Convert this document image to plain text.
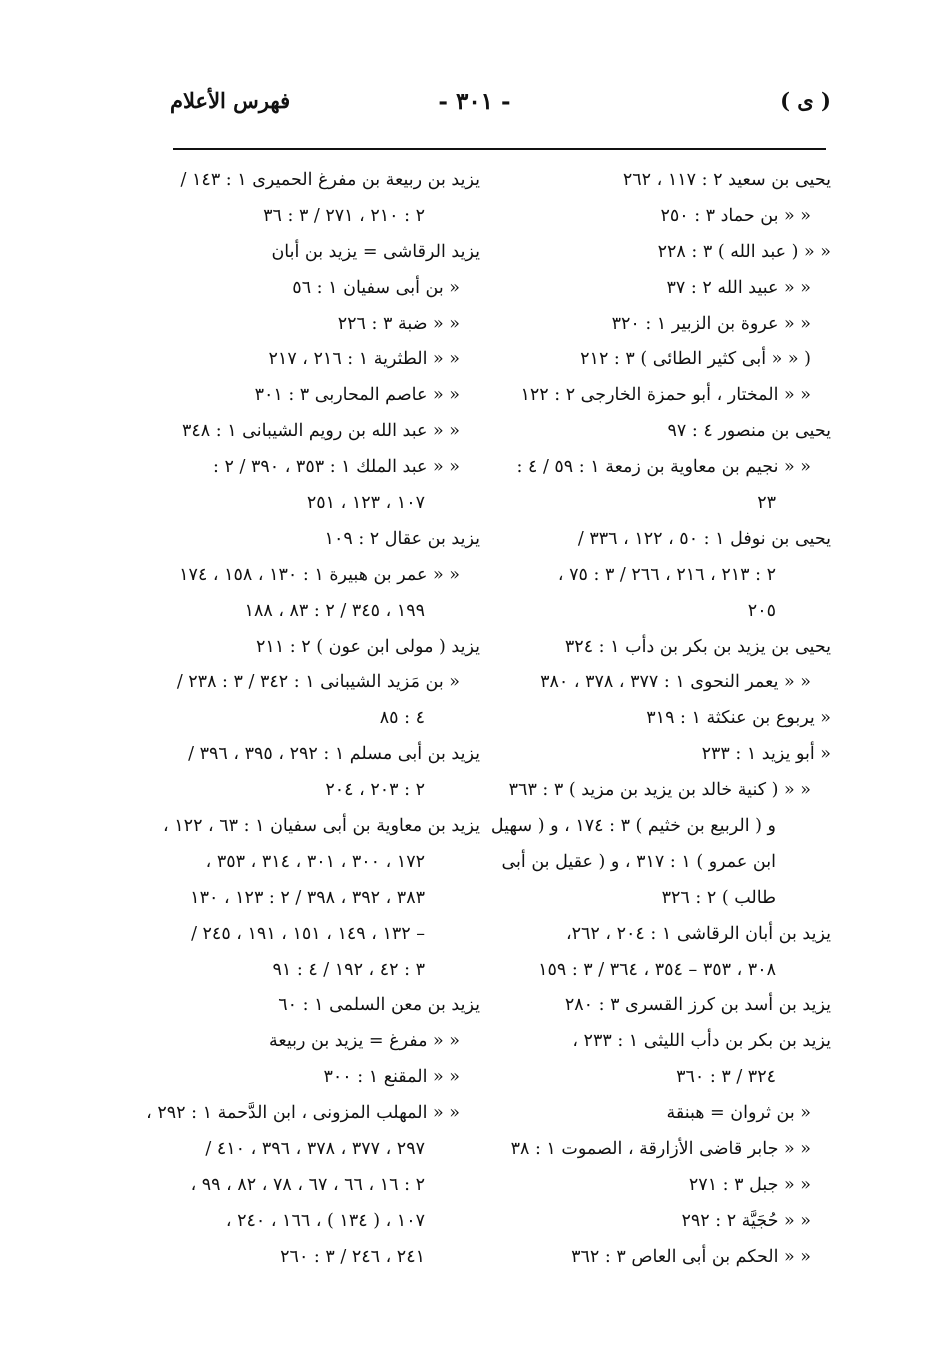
( ى )
- ٣٠١ -
فهرس الأعلام
يحيى بن سعيد ٢ : ١١٧ ، ٢٦٢
« « بن حماد ٣ : ٢٥٠
« « ( عبد الله ) ٣ : ٢٢٨
« « عبيد الله ٢ : ٣٧
« « عروة بن الزبير ١ : ٣٢٠
( « « أبى كثير الطائى ) ٣ : ٢١٢
« « المختار ، أبو حمزة الخارجى ٢ : ١٢٢
يحيى بن منصور ٤ : ٩٧
« « نجيم بن معاوية بن زمعة ١ : ٥٩ / ٤ :
٢٣
يحيى بن نوفل ١ : ٥٠ ، ١٢٢ ، ٣٣٦ /
٢ : ٢١٣ ، ٢١٦ ، ٢٦٦ / ٣ : ٧٥ ،
٢٠٥
يحيى بن يزيد بن بكر بن دأب ١ : ٣٢٤
« « يعمر النحوى ١ : ٣٧٧ ، ٣٧٨ ، ٣٨٠
« يربوع بن عنكثة ١ : ٣١٩
« أبو يزيد ١ : ٢٣٣
« « ( كنية خالد بن يزيد بن مزيد ) ٣ : ٣٦٣
و ( الربيع بن خثيم ) ٣ : ١٧٤ ، و ( سهيل
ابن عمرو ) ١ : ٣١٧ ، و ( عقيل بن أبى
طالب ) ٢ : ٣٢٦
يزيد بن أبان الرقاشى ١ : ٢٠٤ ، ٢٦٢،
٣٠٨ ، ٣٥٣ – ٣٥٤ ، ٣٦٤ / ٣ : ١٥٩
يزيد بن أسد بن كرز القسرى ٣ : ٢٨٠
يزيد بن بكر بن دأب الليثى ١ : ٢٣٣ ،
٣٢٤ / ٣ : ٣٦٠
« بن ثروان = هبنقة
« « جابر قاضى الأزارقة ، الصموت ١ : ٣٨
« « جبل ٣ : ٢٧١
« « حُجَيَّة ٢ : ٢٩٢
« « الحكم بن أبى العاص ٣ : ٣٦٢
يزيد بن ربيعة بن مفرغ الحميرى ١ : ١٤٣ /
٢ : ٢١٠ ، ٢٧١ / ٣ : ٣٦
يزيد الرقاشى = يزيد بن أبان
« بن أبى سفيان ١ : ٥٦
« « ضبة ٣ : ٢٢٦
« « الطثرية ١ : ٢١٦ ، ٢١٧
« « عاصم المحاربى ٣ : ٣٠١
« « عبد الله بن رويم الشيبانى ١ : ٣٤٨
« « عبد الملك ١ : ٣٥٣ ، ٣٩٠ / ٢ :
١٠٧ ، ١٢٣ ، ٢٥١
يزيد بن عقال ٢ : ١٠٩
« « عمر بن هبيرة ١ : ١٣٠ ، ١٥٨ ، ١٧٤
١٩٩ ، ٣٤٥ / ٢ : ٨٣ ، ١٨٨
يزيد ( مولى ابن عون ) ٢ : ٢١١
« بن مَزيد الشيبانى ١ : ٣٤٢ / ٣ : ٢٣٨ /
٤ : ٨٥
يزيد بن أبى مسلم ١ : ٢٩٢ ، ٣٩٥ ، ٣٩٦ /
٢ : ٢٠٣ ، ٢٠٤
يزيد بن معاوية بن أبى سفيان ١ : ٦٣ ، ١٢٢ ،
١٧٢ ، ٣٠٠ ، ٣٠١ ، ٣١٤ ، ٣٥٣ ،
٣٨٣ ، ٣٩٢ ، ٣٩٨ / ٢ : ١٢٣ ، ١٣٠
– ١٣٢ ، ١٤٩ ، ١٥١ ، ١٩١ ، ٢٤٥ /
٣ : ٤٢ ، ١٩٢ / ٤ : ٩١
يزيد بن معن السلمى ١ : ٦٠
« « مفرغ = يزيد بن ربيعة
« « المقنع ١ : ٣٠٠
« « المهلب المزونى ، ابن الدَّحمة ١ : ٢٩٢ ،
٢٩٧ ، ٣٧٧ ، ٣٧٨ ، ٣٩٦ ، ٤١٠ /
٢ : ١٦ ، ٦٦ ، ٦٧ ، ٧٨ ، ٨٢ ، ٩٩ ،
١٠٧ ، ( ١٣٤ ) ، ١٦٦ ، ٢٤٠ ،
٢٤١ ، ٢٤٦ / ٣ : ٢٦٠
